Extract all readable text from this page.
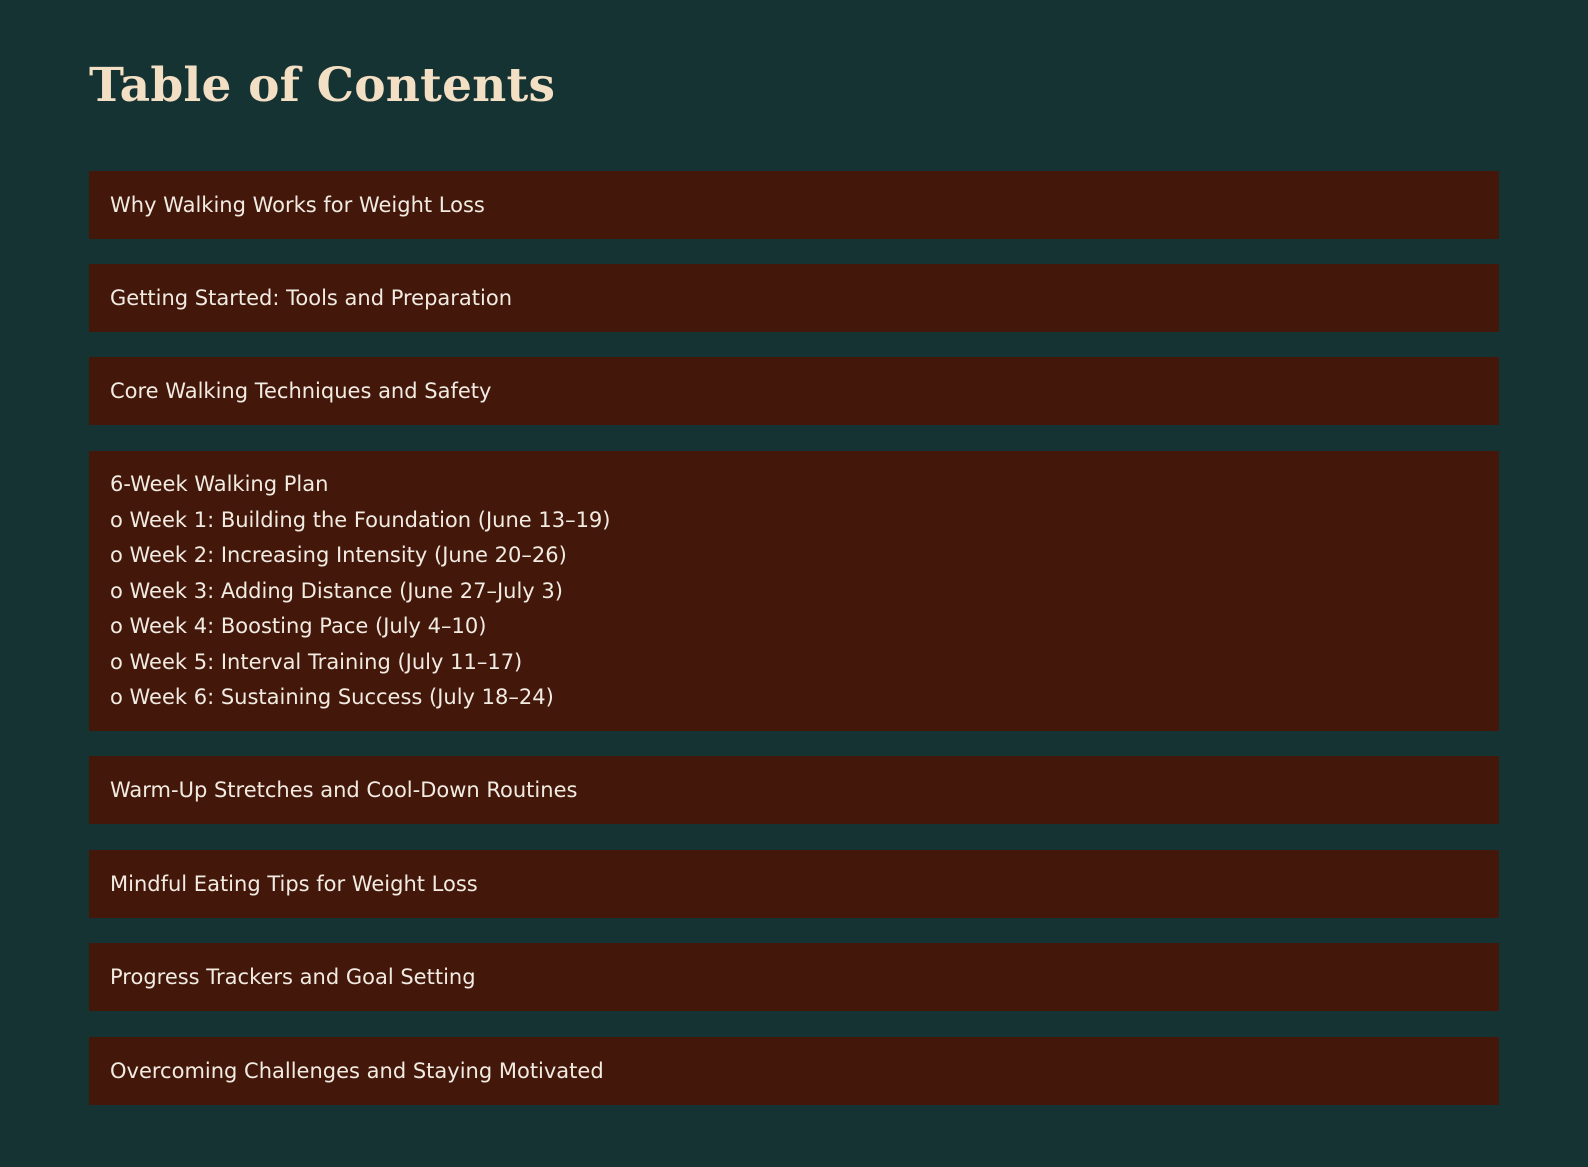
Table of Contents
Why Walking Works for Weight Loss
Getting Started: Tools and Preparation
Core Walking Techniques and Safety
6-Week Walking Plan
o Week 1: Building the Foundation (June 13–19)
o Week 2: Increasing Intensity (June 20–26)
o Week 3: Adding Distance (June 27–July 3)
o Week 4: Boosting Pace (July 4–10)
o Week 5: Interval Training (July 11–17)
o Week 6: Sustaining Success (July 18–24)
Warm-Up Stretches and Cool-Down Routines
Mindful Eating Tips for Weight Loss
Progress Trackers and Goal Setting
Overcoming Challenges and Staying Motivated
